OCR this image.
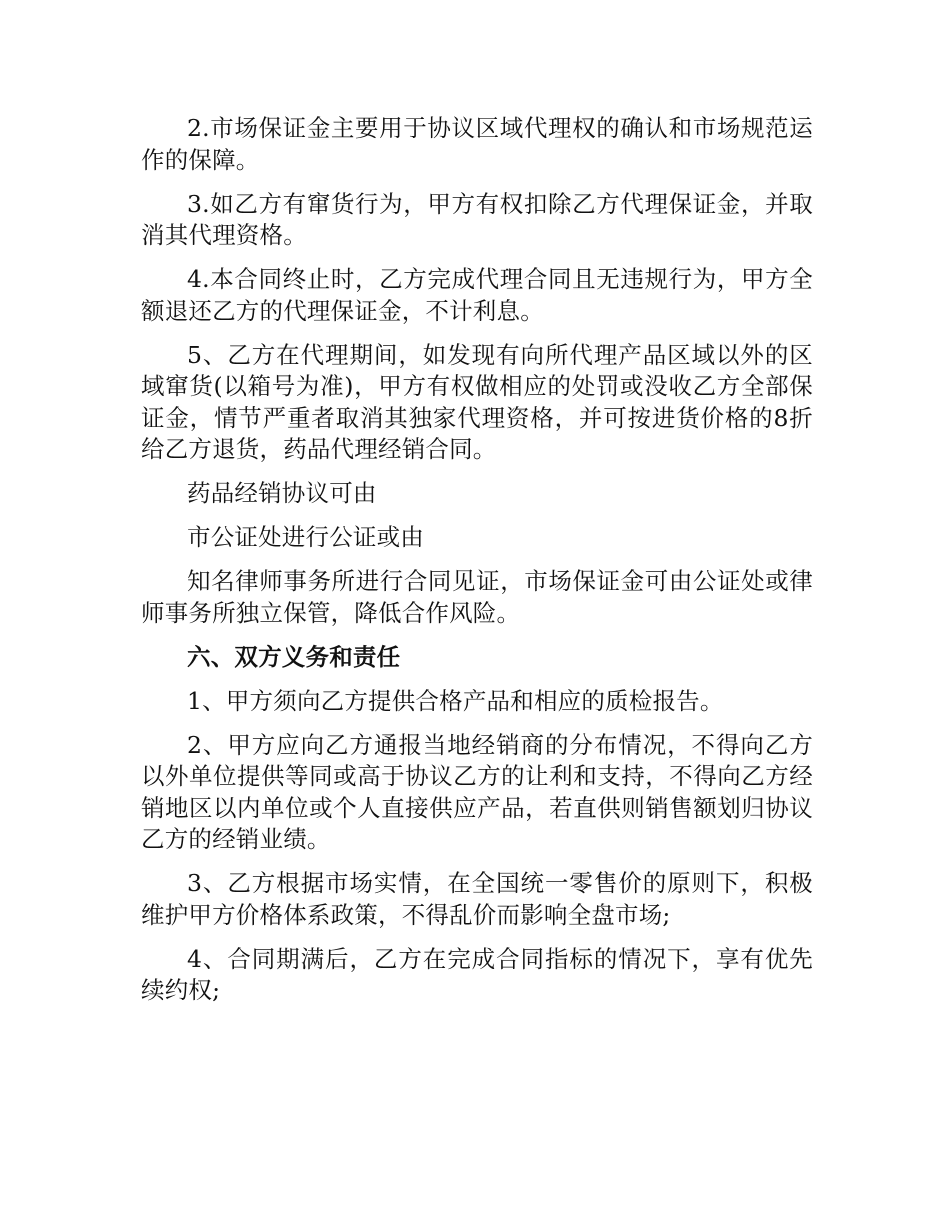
2.市场保证金主要用于协议区域代理权的确认和市场规范运作的保障。

3.如乙方有窜货行为，甲方有权扣除乙方代理保证金，并取消其代理资格。

4.本合同终止时，乙方完成代理合同且无违规行为，甲方全额退还乙方的代理保证金，不计利息。

5、乙方在代理期间，如发现有向所代理产品区域以外的区域窜货(以箱号为准)，甲方有权做相应的处罚或没收乙方全部保证金，情节严重者取消其独家代理资格，并可按进货价格的8折给乙方退货，药品代理经销合同。

药品经销协议可由

市公证处进行公证或由

知名律师事务所进行合同见证，市场保证金可由公证处或律师事务所独立保管，降低合作风险。

六、双方义务和责任

1、甲方须向乙方提供合格产品和相应的质检报告。

2、甲方应向乙方通报当地经销商的分布情况，不得向乙方以外单位提供等同或高于协议乙方的让利和支持，不得向乙方经销地区以内单位或个人直接供应产品，若直供则销售额划归协议乙方的经销业绩。

3、乙方根据市场实情，在全国统一零售价的原则下，积极维护甲方价格体系政策，不得乱价而影响全盘市场;

4、合同期满后，乙方在完成合同指标的情况下，享有优先续约权;
